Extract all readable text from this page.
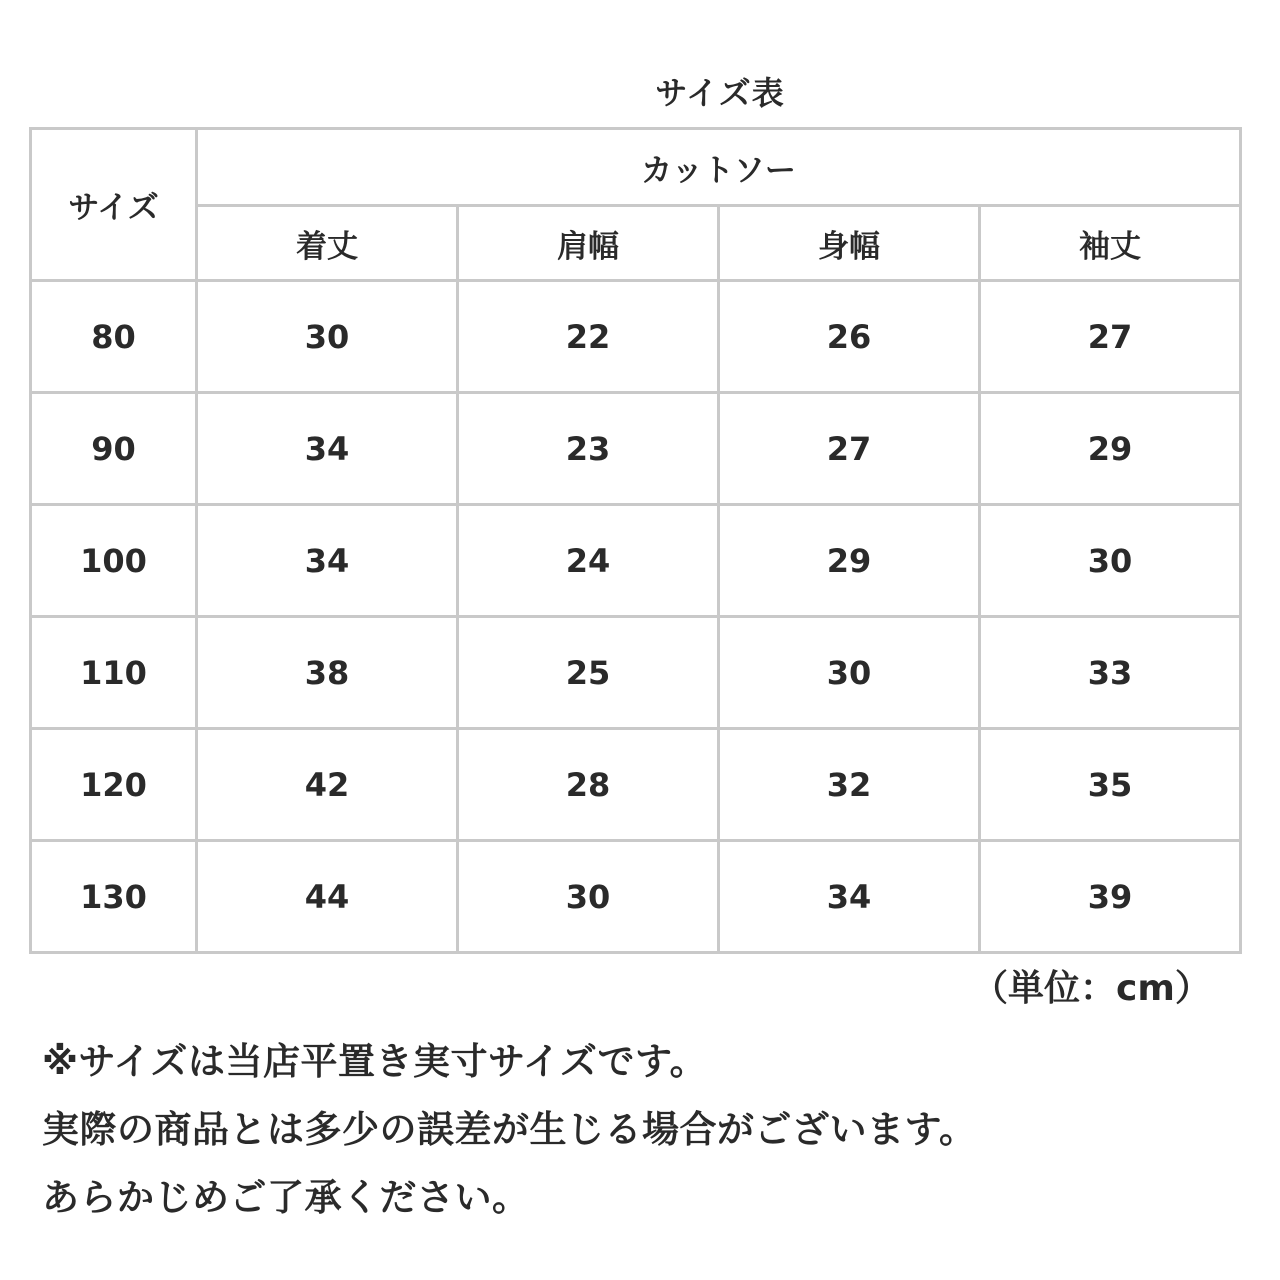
サイズ表
サイズ	カットソー			
	着丈	肩幅	身幅	袖丈
80	30	22	26	27
90	34	23	27	29
100	34	24	29	30
110	38	25	30	33
120	42	28	32	35
130	44	30	34	39
（単位：cm）
※サイズは当店平置き実寸サイズです。
実際の商品とは多少の誤差が生じる場合がございます。
あらかじめご了承ください。
